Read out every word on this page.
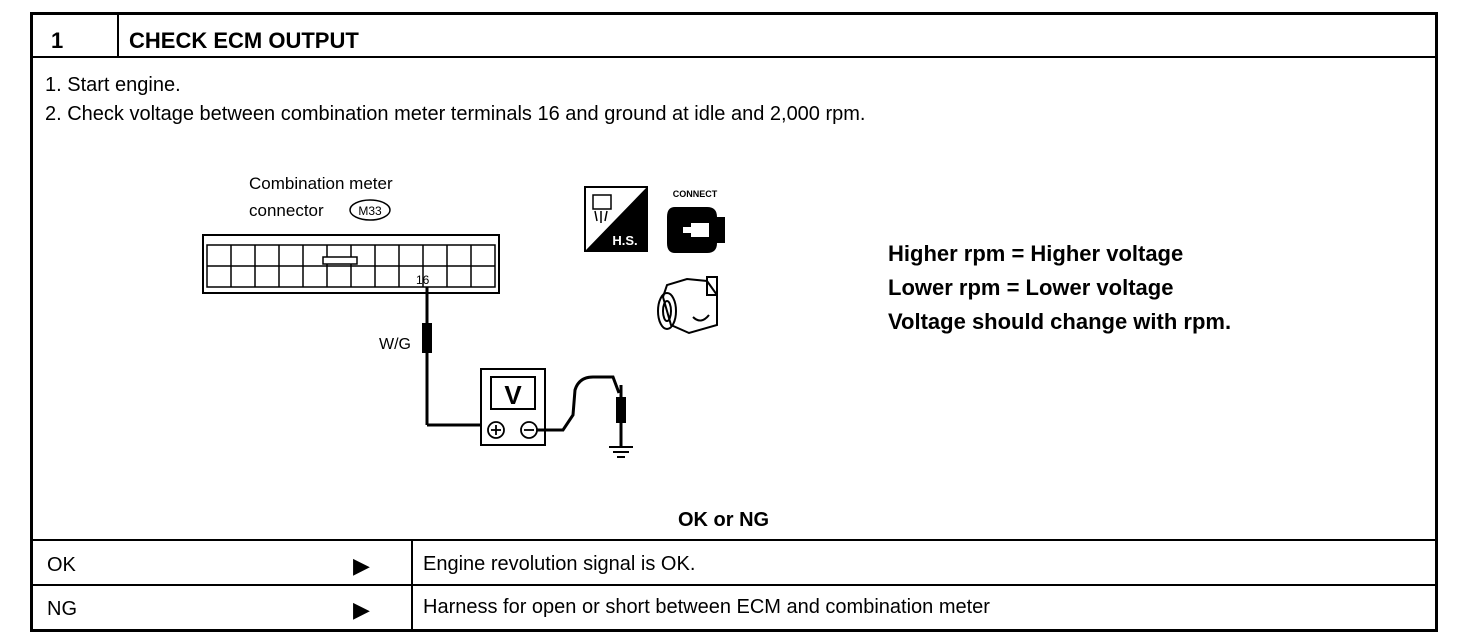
1	CHECK ECM OUTPUT
1. Start engine.
2. Check voltage between combination meter terminals 16 and ground at idle and 2,000 rpm.
Combination meter
connector	M33
16
W/G
V
H.S.
CONNECT
Higher rpm = Higher voltage
Lower rpm = Lower voltage
Voltage should change with rpm.
OK or NG
OK	▶	Engine revolution signal is OK.
NG	▶	Harness for open or short between ECM and combination meter
